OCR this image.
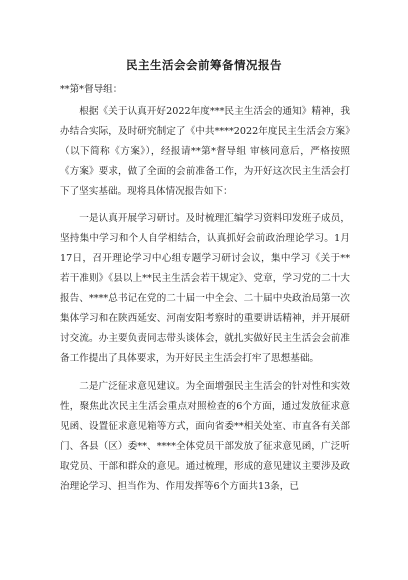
民主生活会会前筹备情况报告

**第*督导组：

根据《关于认真开好2022年度***民主生活会的通知》精神，我办结合实际，及时研究制定了《中共****2022年度民主生活会方案》（以下简称《方案》），经报请**第*督导组 审核同意后，严格按照《方案》要求，做了全面的会前准备工作，为开好这次民主生活会打下了坚实基础。现将具体情况报告如下：

一是认真开展学习研讨。及时梳理汇编学习资料印发班子成员，坚持集中学习和个人自学相结合，认真抓好会前政治理论学习。1月17日，召开理论学习中心组专题学习研讨会议，集中学习《关于**若干准则》《县以上**民主生活会若干规定》、党章，学习党的二十大报告、****总书记在党的二十届一中全会、二十届中央政治局第一次集体学习和在陕西延安、河南安阳考察时的重要讲话精神，并开展研讨交流。办主要负责同志带头谈体会，就扎实做好民主生活会会前准备工作提出了具体要求，为开好民主生活会打牢了思想基础。

二是广泛征求意见建议。为全面增强民主生活会的针对性和实效性，聚焦此次民主生活会重点对照检查的6个方面，通过发放征求意见函、设置征求意见箱等方式，面向省委**相关处室、市直各有关部门、各县（区）委**、****全体党员干部发放了征求意见函，广泛听取党员、干部和群众的意见。通过梳理，形成的意见建议主要涉及政治理论学习、担当作为、作用发挥等6个方面共13条，已
